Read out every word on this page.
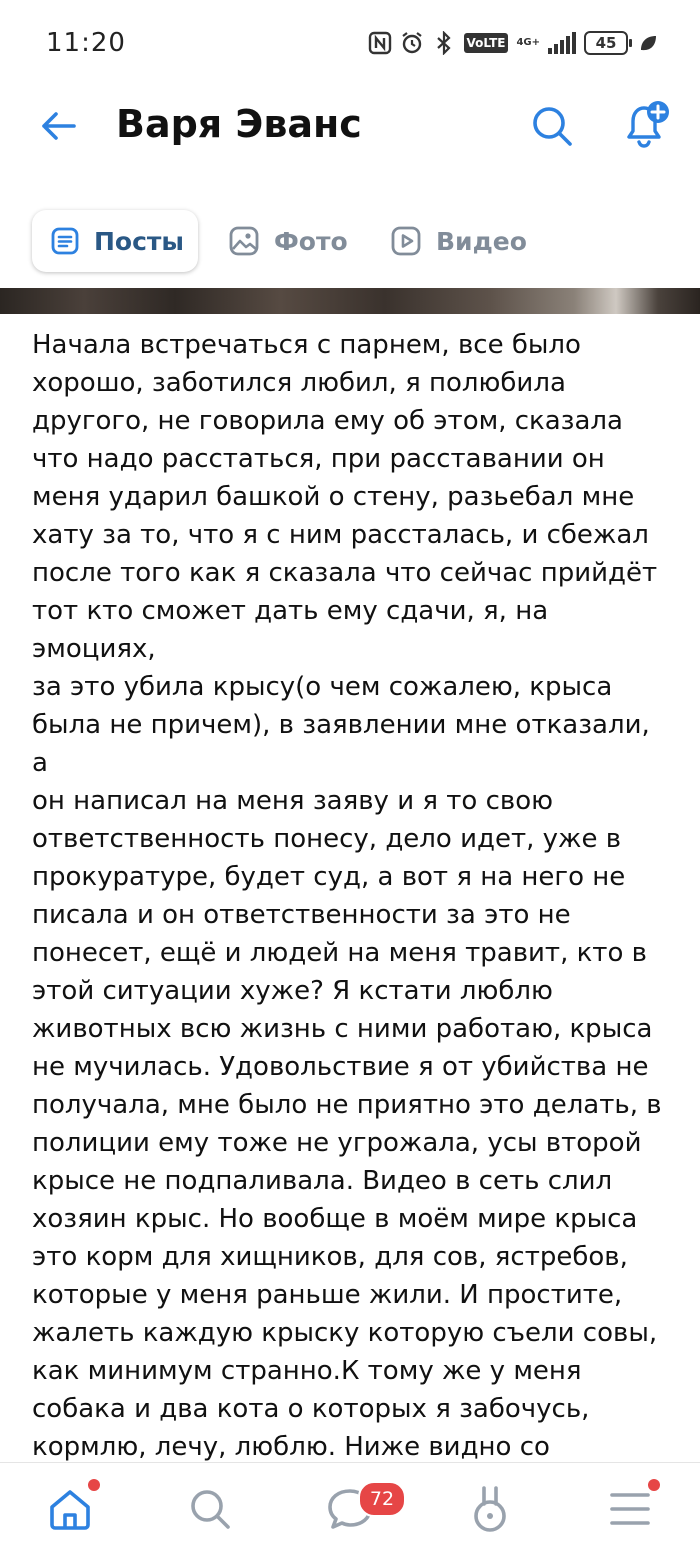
11:20	VoLTE	4G+	45
Варя Эванс
Посты	Фото	Видео
Начала встречаться с парнем, все было
хорошо, заботился любил, я полюбила
другого, не говорила ему об этом, сказала
что надо расстаться, при расставании он
меня ударил башкой о стену, разьебал мне
хату за то, что я с ним рассталась, и сбежал
после того как я сказала что сейчас прийдёт
тот кто сможет дать ему сдачи, я, на эмоциях,
за это убила крысу(о чем сожалею, крыса
была не причем), в заявлении мне отказали, а
он написал на меня заяву и я то свою
ответственность понесу, дело идет, уже в
прокуратуре, будет суд, а вот я на него не
писала и он ответственности за это не
понесет, ещё и людей на меня травит, кто в
этой ситуации хуже? Я кстати люблю
животных всю жизнь с ними работаю, крыса
не мучилась. Удовольствие я от убийства не
получала, мне было не приятно это делать, в
полиции ему тоже не угрожала, усы второй
крысе не подпаливала. Видео в сеть слил
хозяин крыс. Но вообще в моём мире крыса
это корм для хищников, для сов, ястребов,
которые у меня раньше жили. И простите,
жалеть каждую крыску которую съели совы,
как минимум странно.К тому же у меня
собака и два кота о которых я забочусь,
кормлю, лечу, люблю. Ниже видно со

72
